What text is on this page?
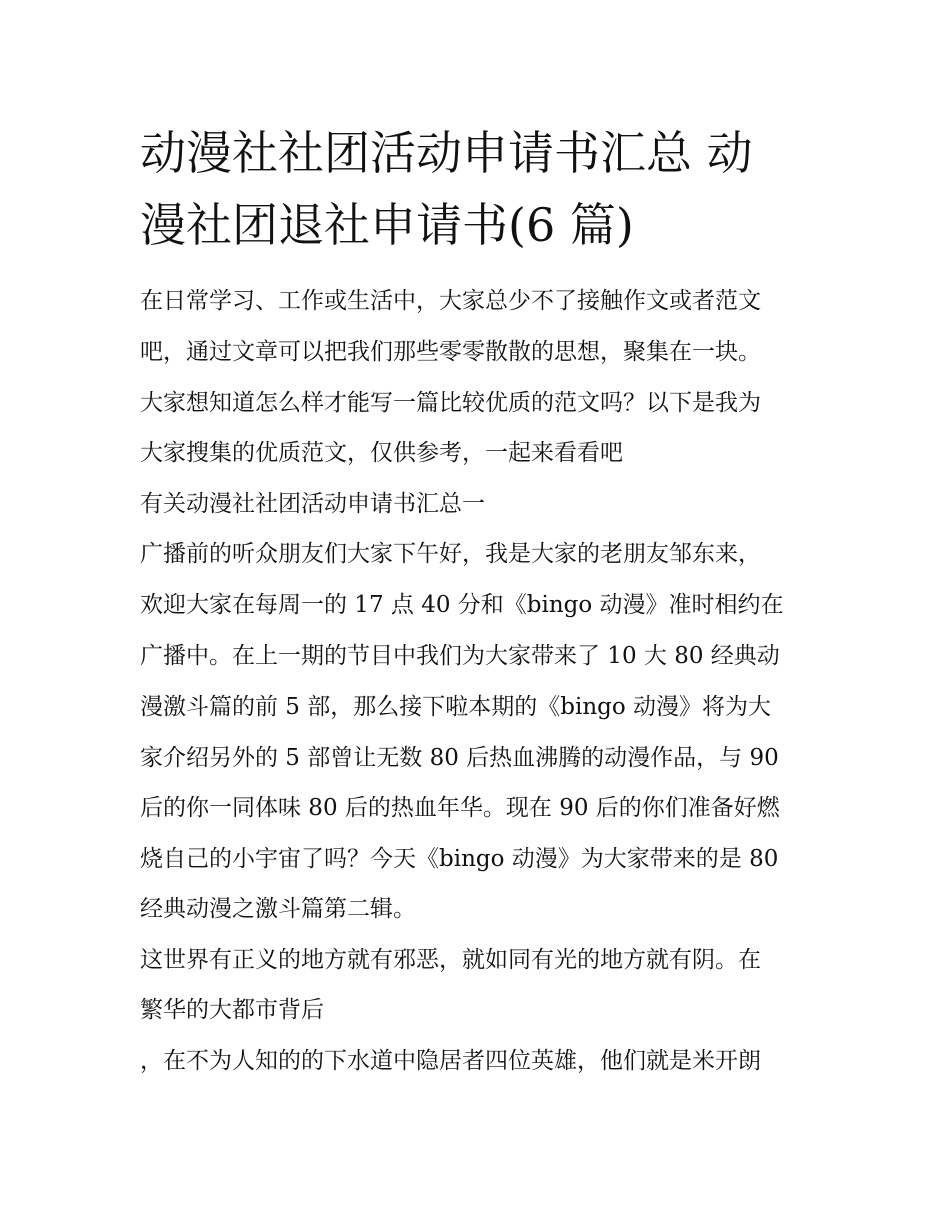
动漫社社团活动申请书汇总 动
漫社团退社申请书(6 篇)

在日常学习、工作或生活中，大家总少不了接触作文或者范文

吧，通过文章可以把我们那些零零散散的思想，聚集在一块。

大家想知道怎么样才能写一篇比较优质的范文吗？以下是我为

大家搜集的优质范文，仅供参考，一起来看看吧

有关动漫社社团活动申请书汇总一

广播前的听众朋友们大家下午好，我是大家的老朋友邹东来，

欢迎大家在每周一的 17 点 40 分和《bingo 动漫》准时相约在

广播中。在上一期的节目中我们为大家带来了 10 大 80 经典动

漫激斗篇的前 5 部，那么接下啦本期的《bingo 动漫》将为大

家介绍另外的 5 部曾让无数 80 后热血沸腾的动漫作品，与 90

后的你一同体味 80 后的热血年华。现在 90 后的你们准备好燃

烧自己的小宇宙了吗？今天《bingo 动漫》为大家带来的是 80

经典动漫之激斗篇第二辑。

这世界有正义的地方就有邪恶，就如同有光的地方就有阴。在

繁华的大都市背后

，在不为人知的的下水道中隐居者四位英雄，他们就是米开朗
